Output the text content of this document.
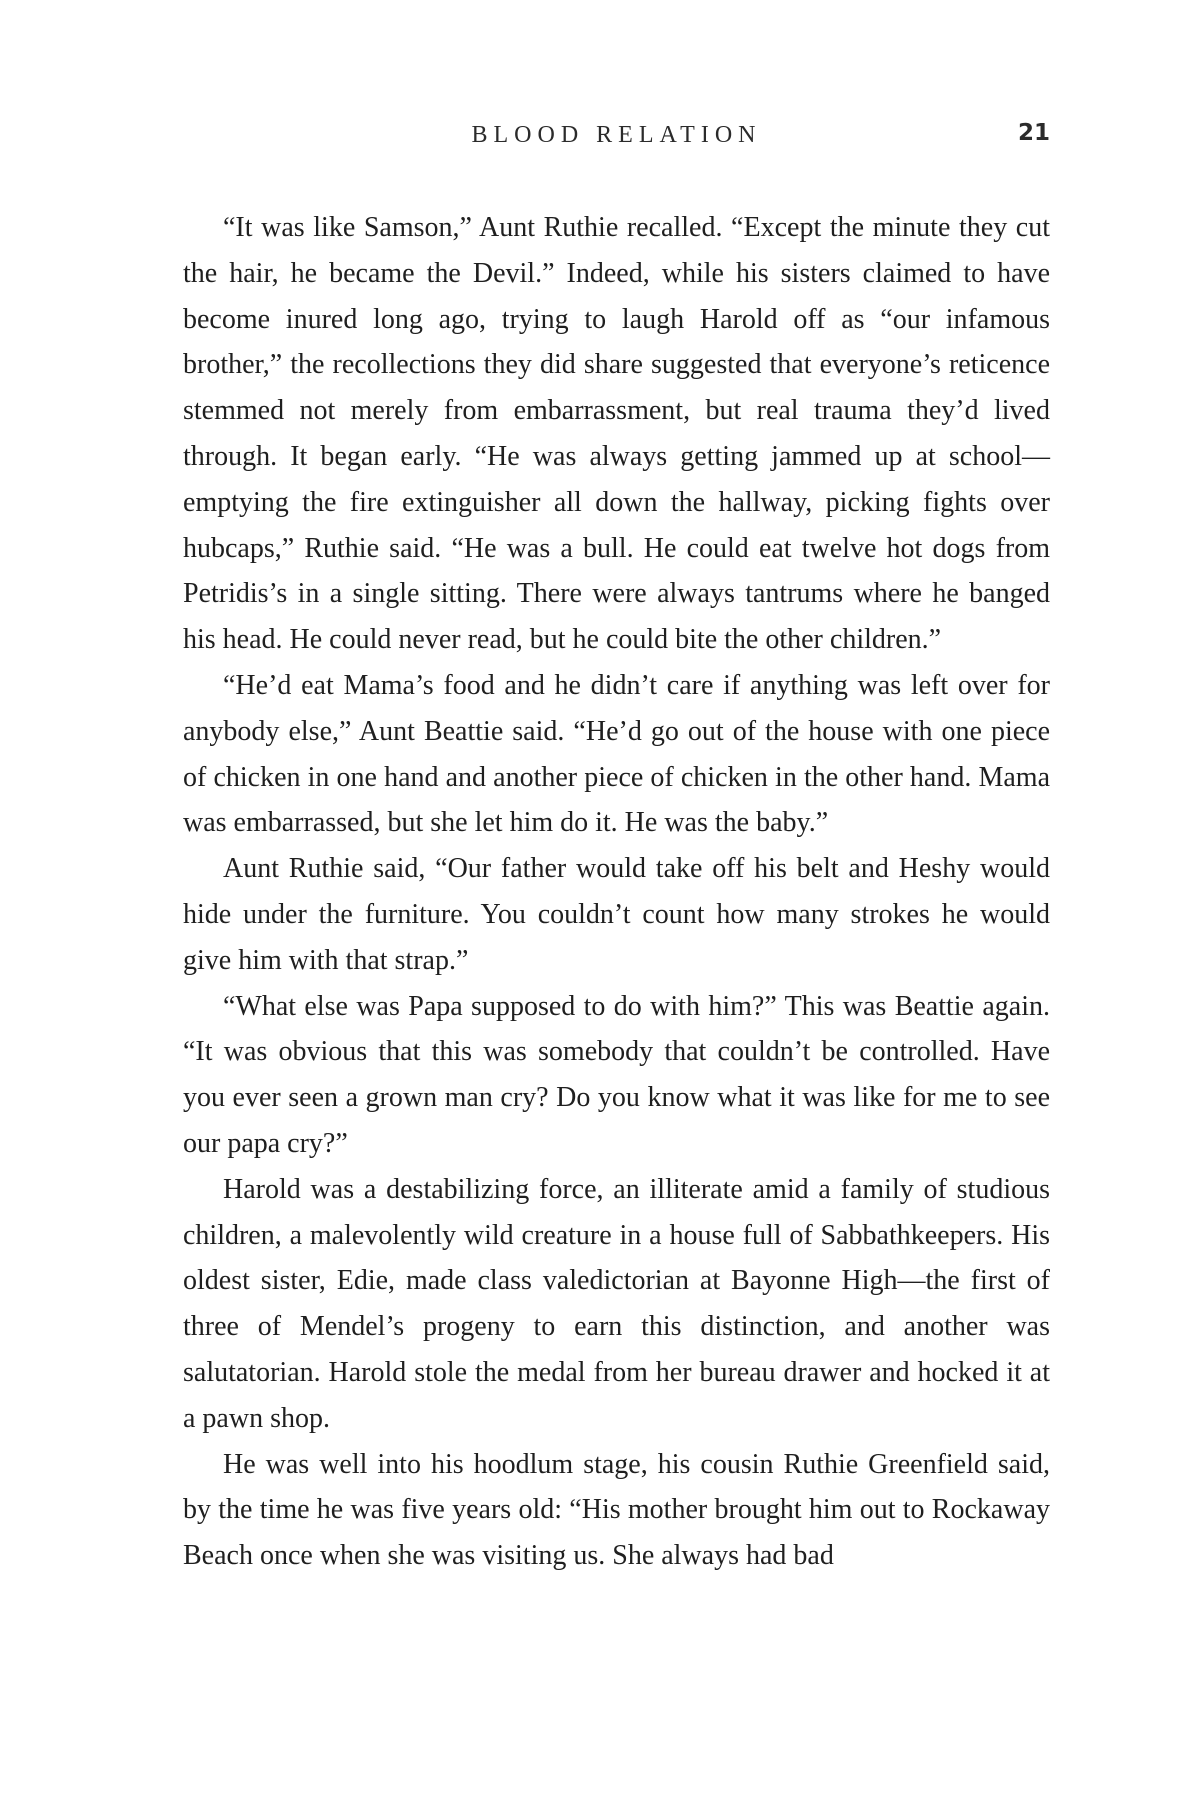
BLOOD RELATION	21

“It was like Samson,” Aunt Ruthie recalled. “Except the minute they cut the hair, he became the Devil.” Indeed, while his sisters claimed to have become inured long ago, trying to laugh Harold off as “our infamous brother,” the recollections they did share suggested that everyone’s reticence stemmed not merely from embarrassment, but real trauma they’d lived through. It began early. “He was always getting jammed up at school—emptying the fire extinguisher all down the hallway, picking fights over hubcaps,” Ruthie said. “He was a bull. He could eat twelve hot dogs from Petridis’s in a single sitting. There were always tantrums where he banged his head. He could never read, but he could bite the other children.”

“He’d eat Mama’s food and he didn’t care if anything was left over for anybody else,” Aunt Beattie said. “He’d go out of the house with one piece of chicken in one hand and another piece of chicken in the other hand. Mama was embarrassed, but she let him do it. He was the baby.”

Aunt Ruthie said, “Our father would take off his belt and Heshy would hide under the furniture. You couldn’t count how many strokes he would give him with that strap.”

“What else was Papa supposed to do with him?” This was Beattie again. “It was obvious that this was somebody that couldn’t be controlled. Have you ever seen a grown man cry? Do you know what it was like for me to see our papa cry?”

Harold was a destabilizing force, an illiterate amid a family of studious children, a malevolently wild creature in a house full of Sabbathkeepers. His oldest sister, Edie, made class valedictorian at Bayonne High—the first of three of Mendel’s progeny to earn this distinction, and another was salutatorian. Harold stole the medal from her bureau drawer and hocked it at a pawn shop.

He was well into his hoodlum stage, his cousin Ruthie Greenfield said, by the time he was five years old: “His mother brought him out to Rockaway Beach once when she was visiting us. She always had bad
